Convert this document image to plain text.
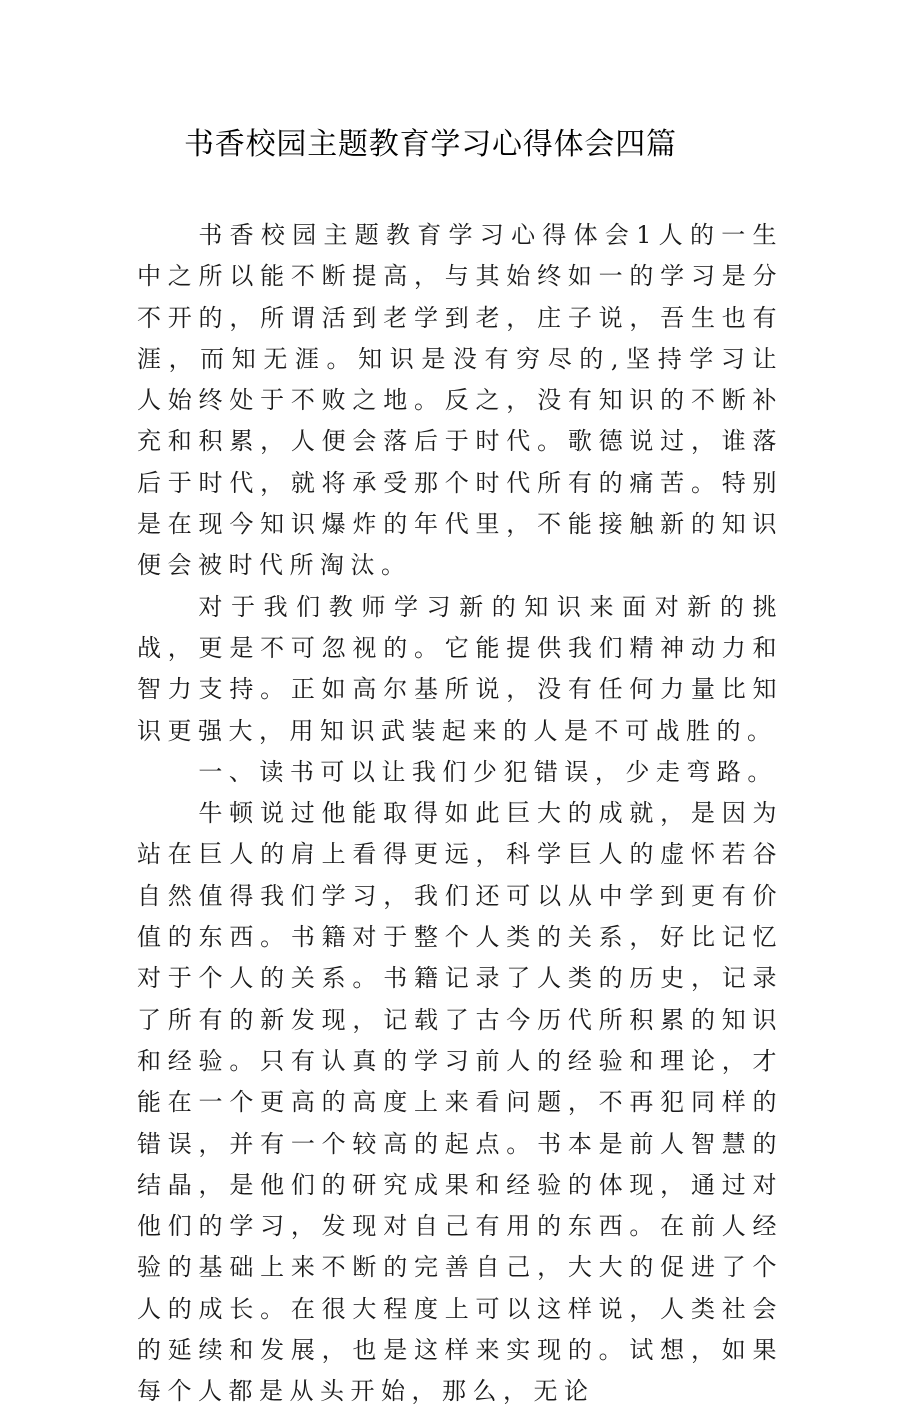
书香校园主题教育学习心得体会四篇

书香校园主题教育学习心得体会1人的一生中之所以能不断提高，与其始终如一的学习是分不开的，所谓活到老学到老，庄子说，吾生也有涯，而知无涯。知识是没有穷尽的,坚持学习让人始终处于不败之地。反之，没有知识的不断补充和积累，人便会落后于时代。歌德说过，谁落后于时代，就将承受那个时代所有的痛苦。特别是在现今知识爆炸的年代里，不能接触新的知识便会被时代所淘汰。

对于我们教师学习新的知识来面对新的挑战，更是不可忽视的。它能提供我们精神动力和智力支持。正如高尔基所说，没有任何力量比知识更强大，用知识武装起来的人是不可战胜的。

一、读书可以让我们少犯错误，少走弯路。

牛顿说过他能取得如此巨大的成就，是因为站在巨人的肩上看得更远，科学巨人的虚怀若谷自然值得我们学习，我们还可以从中学到更有价值的东西。书籍对于整个人类的关系，好比记忆对于个人的关系。书籍记录了人类的历史，记录了所有的新发现，记载了古今历代所积累的知识和经验。只有认真的学习前人的经验和理论，才能在一个更高的高度上来看问题，不再犯同样的错误，并有一个较高的起点。书本是前人智慧的结晶，是他们的研究成果和经验的体现，通过对他们的学习，发现对自己有用的东西。在前人经验的基础上来不断的完善自己，大大的促进了个人的成长。在很大程度上可以这样说，人类社会的延续和发展，也是这样来实现的。试想，如果每个人都是从头开始，那么，无论
